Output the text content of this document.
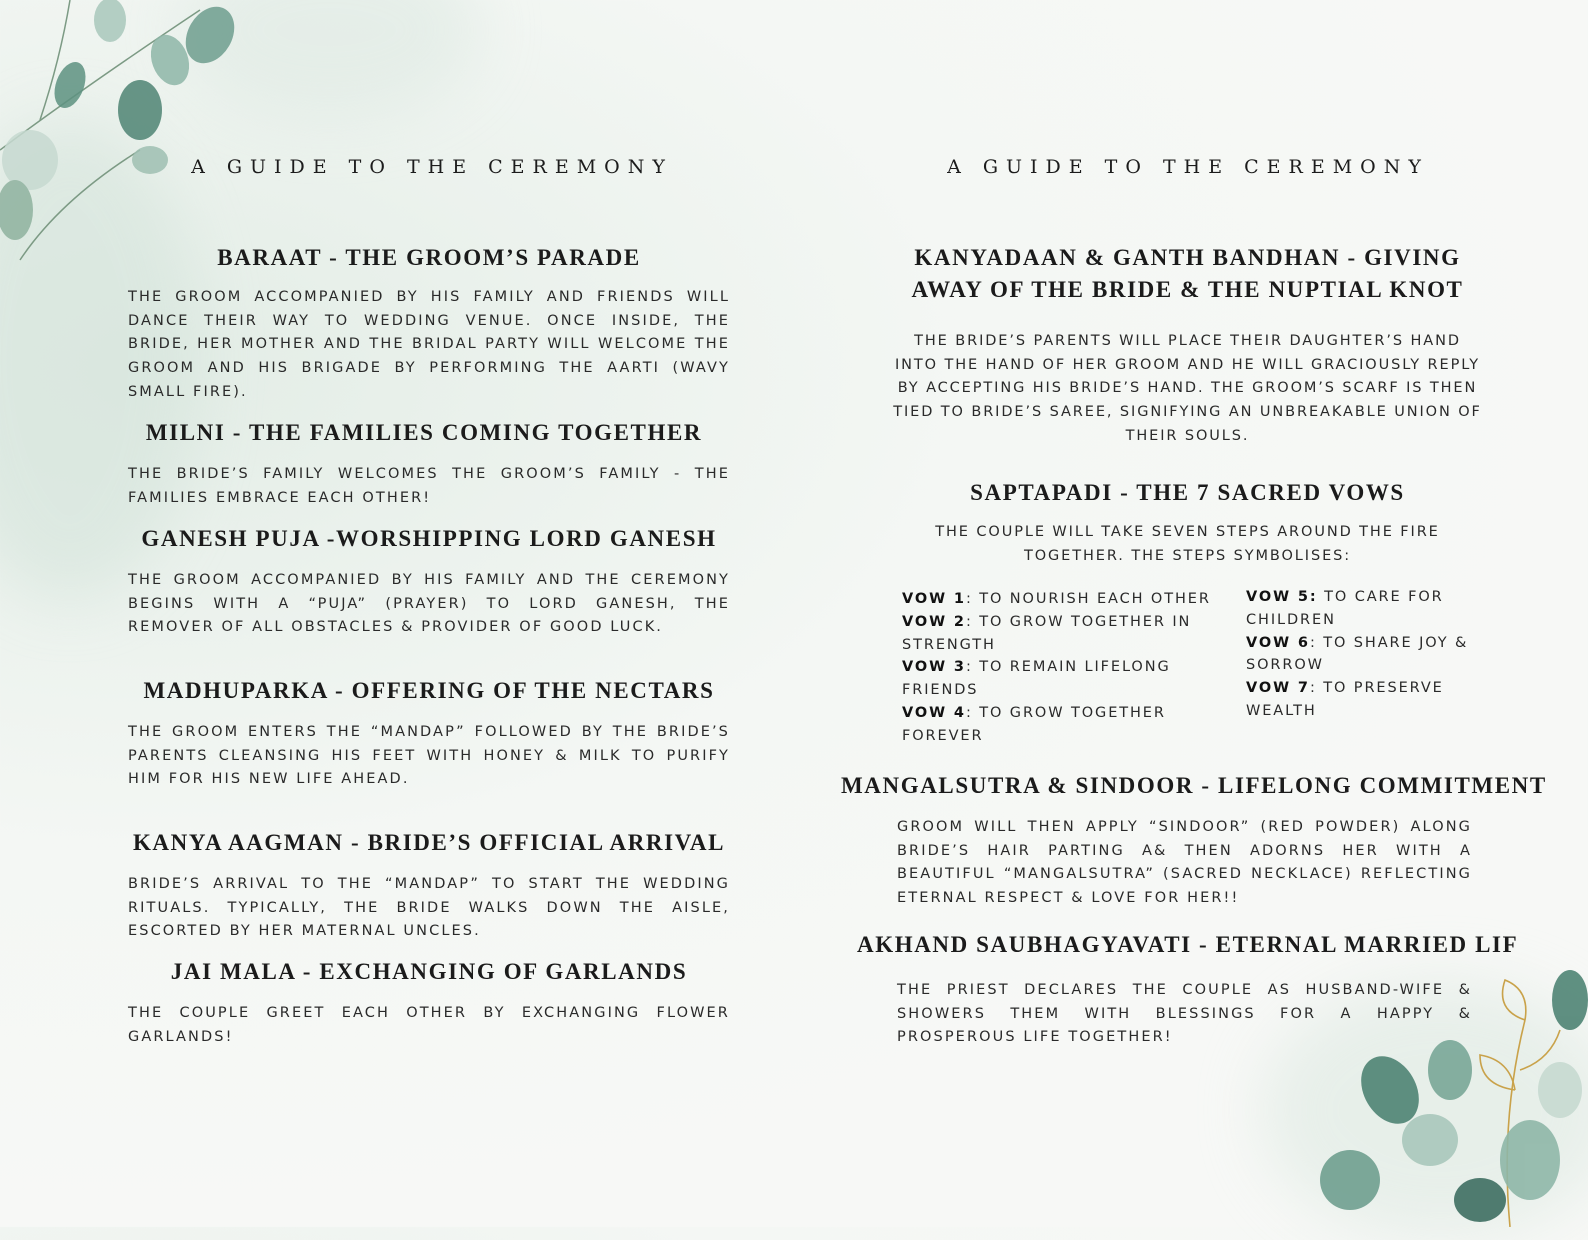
A GUIDE TO THE CEREMONY
BARAAT - THE GROOM’S PARADE
THE GROOM ACCOMPANIED BY HIS FAMILY AND FRIENDS WILL DANCE THEIR WAY TO WEDDING VENUE. ONCE INSIDE, THE BRIDE, HER MOTHER AND THE BRIDAL PARTY WILL WELCOME THE GROOM AND HIS BRIGADE BY PERFORMING THE AARTI (WAVY SMALL FIRE).
MILNI - THE FAMILIES COMING TOGETHER
THE BRIDE’S FAMILY WELCOMES THE GROOM’S FAMILY - THE FAMILIES EMBRACE EACH OTHER!
GANESH PUJA -WORSHIPPING LORD GANESH
THE GROOM ACCOMPANIED BY HIS FAMILY AND THE CEREMONY BEGINS WITH A “PUJA” (PRAYER) TO LORD GANESH, THE REMOVER OF ALL OBSTACLES & PROVIDER OF GOOD LUCK.
MADHUPARKA - OFFERING OF THE NECTARS
THE GROOM ENTERS THE “MANDAP” FOLLOWED BY THE BRIDE’S PARENTS CLEANSING HIS FEET WITH HONEY & MILK TO PURIFY HIM FOR HIS NEW LIFE AHEAD.
KANYA AAGMAN - BRIDE’S OFFICIAL ARRIVAL
BRIDE’S ARRIVAL TO THE “MANDAP” TO START THE WEDDING RITUALS. TYPICALLY, THE BRIDE WALKS DOWN THE AISLE, ESCORTED BY HER MATERNAL UNCLES.
JAI MALA - EXCHANGING OF GARLANDS
THE COUPLE GREET EACH OTHER BY EXCHANGING FLOWER GARLANDS!
A GUIDE TO THE CEREMONY
KANYADAAN & GANTH BANDHAN - GIVING
AWAY OF THE BRIDE & THE NUPTIAL KNOT
THE BRIDE’S PARENTS WILL PLACE THEIR DAUGHTER’S HAND INTO THE HAND OF HER GROOM AND HE WILL GRACIOUSLY REPLY BY ACCEPTING HIS BRIDE’S HAND. THE GROOM’S SCARF IS THEN TIED TO BRIDE’S SAREE, SIGNIFYING AN UNBREAKABLE UNION OF THEIR SOULS.
SAPTAPADI - THE 7 SACRED VOWS
THE COUPLE WILL TAKE SEVEN STEPS AROUND THE FIRE TOGETHER. THE STEPS SYMBOLISES:

VOW 1: TO NOURISH EACH OTHER

VOW 2: TO GROW TOGETHER IN STRENGTH

VOW 3: TO REMAIN LIFELONG FRIENDS

VOW 4: TO GROW TOGETHER FOREVER

VOW 5: TO CARE FOR CHILDREN

VOW 6: TO SHARE JOY & SORROW

VOW 7: TO PRESERVE WEALTH

MANGALSUTRA & SINDOOR - LIFELONG COMMITMENT
GROOM WILL THEN APPLY “SINDOOR” (RED POWDER) ALONG BRIDE’S HAIR PARTING A& THEN ADORNS HER WITH A BEAUTIFUL “MANGALSUTRA” (SACRED NECKLACE) REFLECTING ETERNAL RESPECT & LOVE FOR HER!!
AKHAND SAUBHAGYAVATI - ETERNAL MARRIED LIF
THE PRIEST DECLARES THE COUPLE AS HUSBAND-WIFE & SHOWERS THEM WITH BLESSINGS FOR A HAPPY & PROSPEROUS LIFE TOGETHER!
